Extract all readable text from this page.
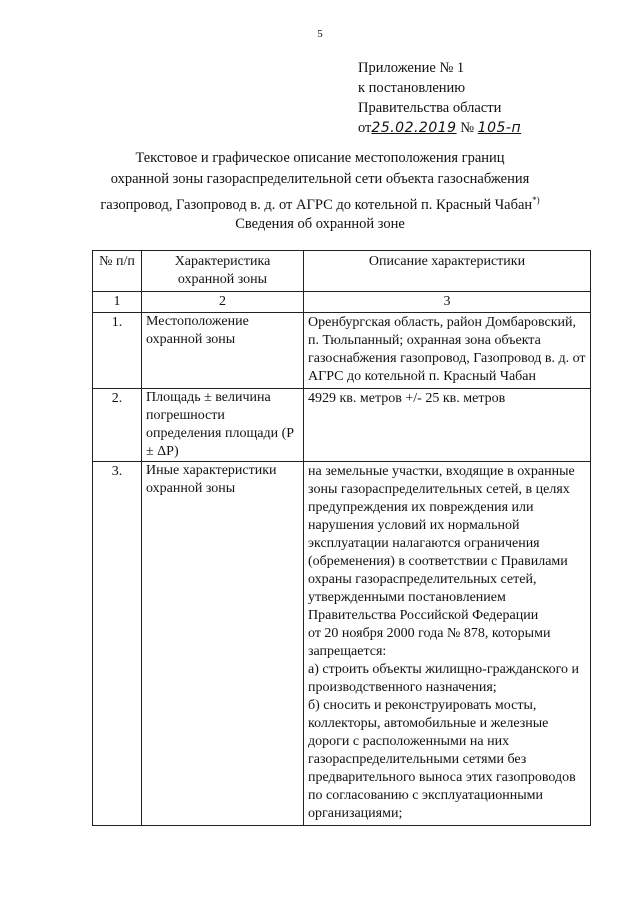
5
Приложение № 1
к постановлению
Правительства области
от25.02.2019 № 105-п
Текстовое и графическое описание местоположения границ
охранной зоны газораспределительной сети объекта газоснабжения
газопровод, Газопровод в. д. от АГРС до котельной п. Красный Чабан*)
Сведения об охранной зоне
№ п/п	Характеристика охранной зоны	Описание характеристики
1	2	3
1.	Местоположение охранной зоны	Оренбургская область, район Домбаровский, п. Тюльпанный; охранная зона объекта газоснабжения газопровод, Газопровод в. д. от АГРС до котельной п. Красный Чабан

2.	Площадь ± величина погрешности определения площади (Р ± ΔР)	4929 кв. метров +/- 25 кв. метров

3.	Иные характеристики охранной зоны	на земельные участки, входящие в охранные зоны газораспределительных сетей, в целях предупреждения их повреждения или нарушения условий их нормальной эксплуатации налагаются ограничения (обременения) в соответствии с Правилами охраны газораспределительных сетей, утвержденными постановлением Правительства Российской Федерации
от 20 ноября 2000 года № 878, которыми запрещается:
а) строить объекты жилищно-гражданского и производственного назначения;
б) сносить и реконструировать мосты, коллекторы, автомобильные и железные дороги с расположенными на них газораспределительными сетями без предварительного выноса этих газопроводов по согласованию с эксплуатационными организациями;
